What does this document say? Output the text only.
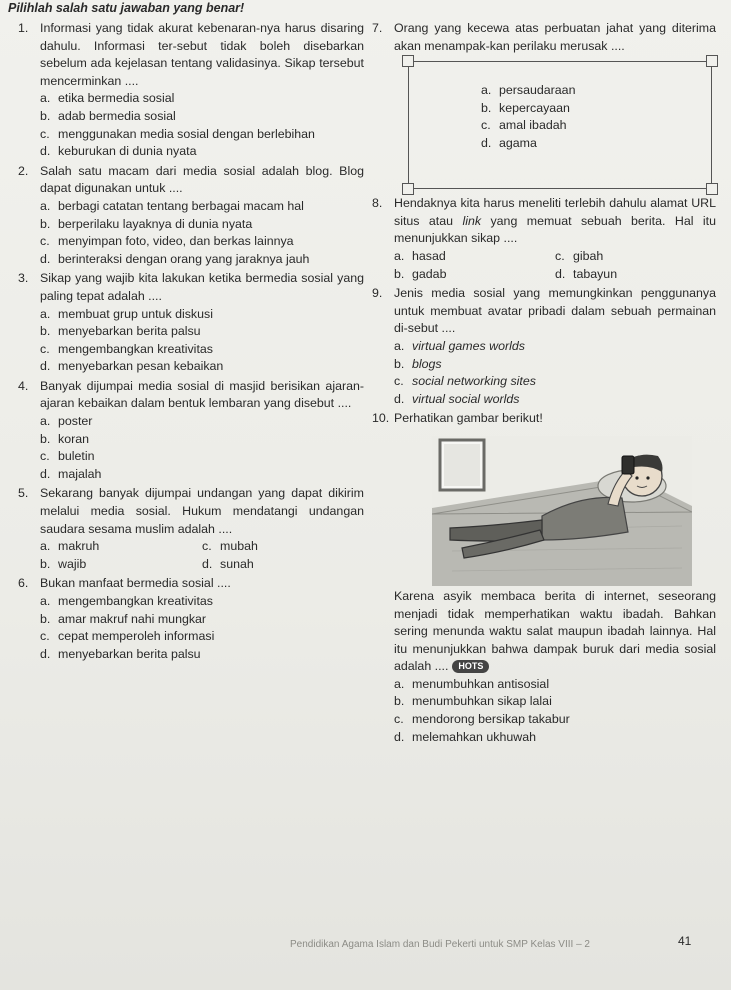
Pilihlah salah satu jawaban yang benar!
1. Informasi yang tidak akurat kebenaran-nya harus disaring dahulu. Informasi ter-sebut tidak boleh disebarkan sebelum ada kejelasan tentang validasinya. Sikap tersebut mencerminkan ....
a. etika bermedia sosial
b. adab bermedia sosial
c. menggunakan media sosial dengan berlebihan
d. keburukan di dunia nyata
2. Salah satu macam dari media sosial adalah blog. Blog dapat digunakan untuk ....
a. berbagi catatan tentang berbagai macam hal
b. berperilaku layaknya di dunia nyata
c. menyimpan foto, video, dan berkas lainnya
d. berinteraksi dengan orang yang jaraknya jauh
3. Sikap yang wajib kita lakukan ketika bermedia sosial yang paling tepat adalah ....
a. membuat grup untuk diskusi
b. menyebarkan berita palsu
c. mengembangkan kreativitas
d. menyebarkan pesan kebaikan
4. Banyak dijumpai media sosial di masjid berisikan ajaran-ajaran kebaikan dalam bentuk lembaran yang disebut ....
a. poster
b. koran
c. buletin
d. majalah
5. Sekarang banyak dijumpai undangan yang dapat dikirim melalui media sosial. Hukum mendatangi undangan saudara sesama muslim adalah ....
a. makruh	c. mubah
b. wajib	d. sunah
6. Bukan manfaat bermedia sosial ....
a. mengembangkan kreativitas
b. amar makruf nahi mungkar
c. cepat memperoleh informasi
d. menyebarkan berita palsu
7. Orang yang kecewa atas perbuatan jahat yang diterima akan menampak-kan perilaku merusak ....
a. persaudaraan
b. kepercayaan
c. amal ibadah
d. agama
8. Hendaknya kita harus meneliti terlebih dahulu alamat URL situs atau link yang memuat sebuah berita. Hal itu menunjukkan sikap ....
a. hasad	c. gibah
b. gadab	d. tabayun
9. Jenis media sosial yang memungkinkan penggunanya untuk membuat avatar pribadi dalam sebuah permainan di-sebut ....
a. virtual games worlds
b. blogs
c. social networking sites
d. virtual social worlds
10. Perhatikan gambar berikut!
Karena asyik membaca berita di internet, seseorang menjadi tidak memperhatikan waktu ibadah. Bahkan sering menunda waktu salat maupun ibadah lainnya. Hal itu menunjukkan bahwa dampak buruk dari media sosial adalah .... HOTS
a. menumbuhkan antisosial
b. menumbuhkan sikap lalai
c. mendorong bersikap takabur
d. melemahkan ukhuwah
Pendidikan Agama Islam dan Budi Pekerti untuk SMP Kelas VIII – 2	41
